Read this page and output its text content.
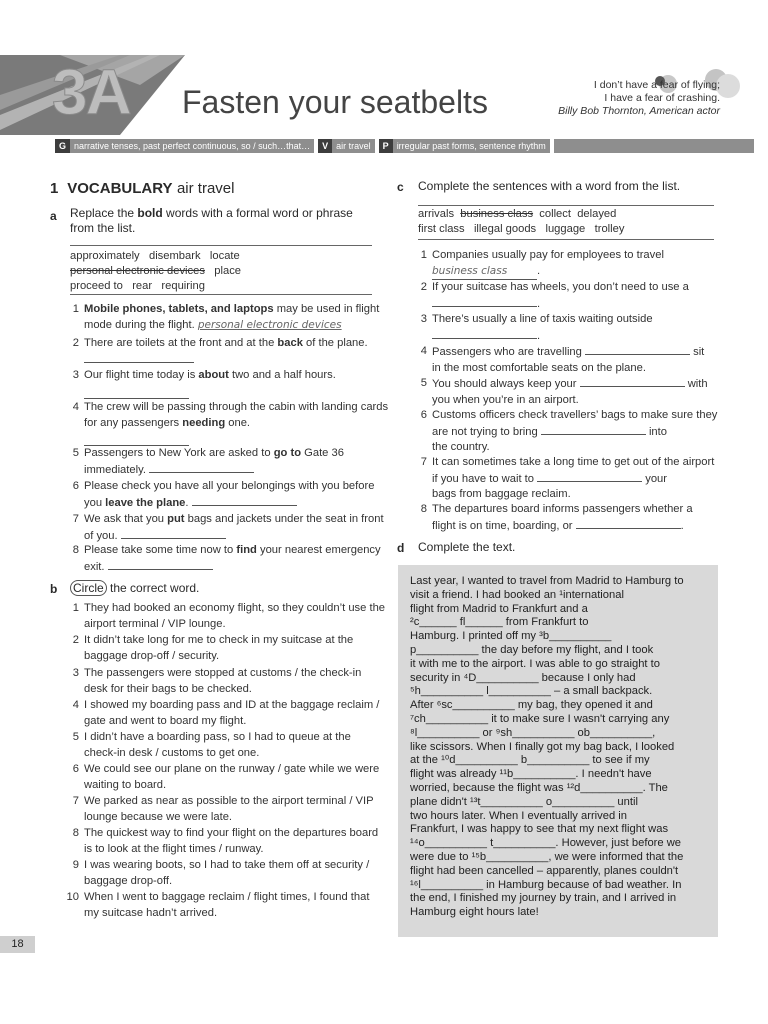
3A Fasten your seatbelts	I don’t have a fear of flying;
I have a fear of crashing.
Billy Bob Thornton, American actor
G narrative tenses, past perfect continuous, so / such…that…	V air travel	P irregular past forms, sentence rhythm
1 VOCABULARY air travel
a Replace the bold words with a formal word or phrase from the list.
approximately   disembark   locate
personal electronic devices   place
proceed to   rear   requiring
1 Mobile phones, tablets, and laptops may be used in flight mode during the flight. personal electronic devices
2 There are toilets at the front and at the back of the plane.
3 Our flight time today is about two and a half hours.

4 The crew will be passing through the cabin with landing cards for any passengers needing one.

5 Passengers to New York are asked to go to Gate 36 immediately.
6 Please check you have all your belongings with you before you leave the plane.
7 We ask that you put bags and jackets under the seat in front of you.
8 Please take some time now to find your nearest emergency exit.
b Circle the correct word.
1 They had booked an economy flight, so they couldn’t use the airport terminal / VIP lounge.
2 It didn’t take long for me to check in my suitcase at the baggage drop-off / security.
3 The passengers were stopped at customs / the check-in desk for their bags to be checked.
4 I showed my boarding pass and ID at the baggage reclaim / gate and went to board my flight.
5 I didn’t have a boarding pass, so I had to queue at the check-in desk / customs to get one.
6 We could see our plane on the runway / gate while we were waiting to board.
7 We parked as near as possible to the airport terminal / VIP lounge because we were late.
8 The quickest way to find your flight on the departures board is to look at the flight times / runway.
9 I was wearing boots, so I had to take them off at security / baggage drop-off.
10 When I went to baggage reclaim / flight times, I found that my suitcase hadn’t arrived.
c Complete the sentences with a word from the list.
arrivals  business class  collect  delayed
first class   illegal goods   luggage   trolley
1 Companies usually pay for employees to travel
business class	.
2 If your suitcase has wheels, you don’t need to use a .
3 There’s usually a line of taxis waiting outside .
4 Passengers who are travelling	sit
in the most comfortable seats on the plane.
5 You should always keep your	with
you when you’re in an airport.
6 Customs officers check travellers’ bags to make sure they are not trying to bring	into
the country.
7 It can sometimes take a long time to get out of the airport if you have to wait to	your
bags from baggage reclaim.
8 The departures board informs passengers whether a flight is on time, boarding, or	.
d Complete the text.
Last year, I wanted to travel from Madrid to Hamburg to
visit a friend. I had booked an ¹international
flight from Madrid to Frankfurt and a
²c______ fl______ from Frankfurt to
Hamburg. I printed off my ³b__________
p__________ the day before my flight, and I took
it with me to the airport. I was able to go straight to
security in ⁴D__________ because I only had
⁵h__________ l__________ – a small backpack.
After ⁶sc__________ my bag, they opened it and
⁷ch__________ it to make sure I wasn't carrying any
⁸l__________ or ⁹sh__________ ob__________,
like scissors. When I finally got my bag back, I looked
at the ¹⁰d__________ b__________ to see if my
flight was already ¹¹b__________. I needn't have
worried, because the flight was ¹²d__________. The
plane didn't ¹³t__________ o__________ until
two hours later. When I eventually arrived in
Frankfurt, I was happy to see that my next flight was
¹⁴o__________ t__________. However, just before we
were due to ¹⁵b__________, we were informed that the
flight had been cancelled – apparently, planes couldn't
¹⁶l__________ in Hamburg because of bad weather. In
the end, I finished my journey by train, and I arrived in
Hamburg eight hours late!
18
